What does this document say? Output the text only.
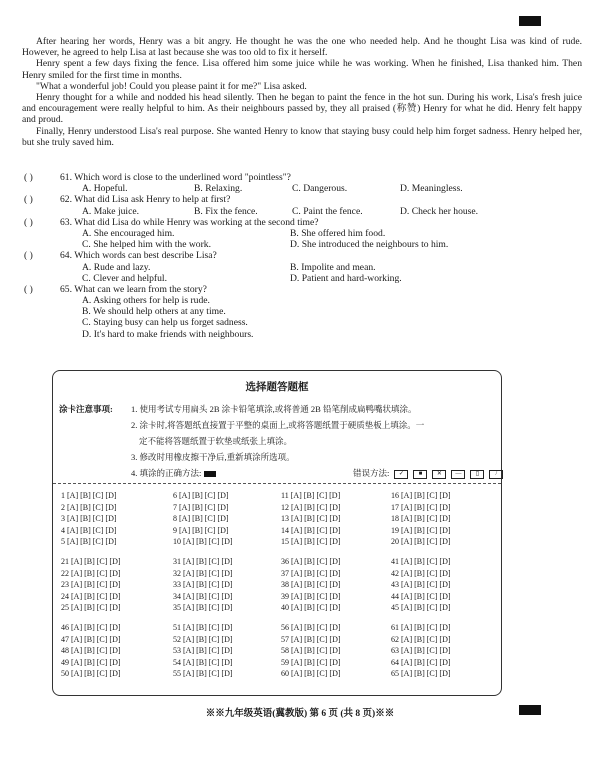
After hearing her words, Henry was a bit angry. He thought he was the one who needed help. And he thought Lisa was kind of rude. However, he agreed to help Lisa at last because she was too old to fix it herself.

Henry spent a few days fixing the fence. Lisa offered him some juice while he was working. When he finished, Lisa thanked him. Then Henry smiled for the first time in months.

"What a wonderful job! Could you please paint it for me?" Lisa asked.

Henry thought for a while and nodded his head silently. Then he began to paint the fence in the hot sun. During his work, Lisa's fresh juice and encouragement were really helpful to him. As their neighbours passed by, they all praised (称赞) Henry for what he did. Henry felt happy and proud.

Finally, Henry understood Lisa's real purpose. She wanted Henry to know that staying busy could help him forget sadness. Henry helped her, but she truly saved him.

( )	61. Which word is close to the underlined word "pointless"?
A. Hopeful.	B. Relaxing.	C. Dangerous.	D. Meaningless.
( )	62. What did Lisa ask Henry to help at first?
A. Make juice.	B. Fix the fence.	C. Paint the fence.	D. Check her house.
( )	63. What did Lisa do while Henry was working at the second time?
A. She encouraged him.	B. She offered him food.
C. She helped him with the work.	D. She introduced the neighbours to him.
( )	64. Which words can best describe Lisa?
A. Rude and lazy.	B. Impolite and mean.
C. Clever and helpful.	D. Patient and hard-working.
( )	65. What can we learn from the story?
A. Asking others for help is rude.
B. We should help others at any time.
C. Staying busy can help us forget sadness.
D. It's hard to make friends with neighbours.
选择题答题框
涂卡注意事项: 1. 使用考试专用扁头 2B 涂卡铅笔填涂,或将普通 2B 铅笔削成扁鸭嘴状填涂。
2. 涂卡时,将答题纸直接置于平整的桌面上,或将答题纸置于硬质垫板上填涂。一
定不能将答题纸置于软垫或纸张上填涂。
3. 修改时用橡皮擦干净后,重新填涂所选项。
4. 填涂的正确方法:	错误方法: ✓ ■ ✕ — ▯	/
1 [A] [B] [C] [D]	6 [A] [B] [C] [D]	11 [A] [B] [C] [D]	16 [A] [B] [C] [D]
2 [A] [B] [C] [D]	7 [A] [B] [C] [D]	12 [A] [B] [C] [D]	17 [A] [B] [C] [D]
3 [A] [B] [C] [D]	8 [A] [B] [C] [D]	13 [A] [B] [C] [D]	18 [A] [B] [C] [D]
4 [A] [B] [C] [D]	9 [A] [B] [C] [D]	14 [A] [B] [C] [D]	19 [A] [B] [C] [D]
5 [A] [B] [C] [D]	10 [A] [B] [C] [D]	15 [A] [B] [C] [D]	20 [A] [B] [C] [D]
21 [A] [B] [C] [D]	31 [A] [B] [C] [D]	36 [A] [B] [C] [D]	41 [A] [B] [C] [D]
22 [A] [B] [C] [D]	32 [A] [B] [C] [D]	37 [A] [B] [C] [D]	42 [A] [B] [C] [D]
23 [A] [B] [C] [D]	33 [A] [B] [C] [D]	38 [A] [B] [C] [D]	43 [A] [B] [C] [D]
24 [A] [B] [C] [D]	34 [A] [B] [C] [D]	39 [A] [B] [C] [D]	44 [A] [B] [C] [D]
25 [A] [B] [C] [D]	35 [A] [B] [C] [D]	40 [A] [B] [C] [D]	45 [A] [B] [C] [D]
46 [A] [B] [C] [D]	51 [A] [B] [C] [D]	56 [A] [B] [C] [D]	61 [A] [B] [C] [D]
47 [A] [B] [C] [D]	52 [A] [B] [C] [D]	57 [A] [B] [C] [D]	62 [A] [B] [C] [D]
48 [A] [B] [C] [D]	53 [A] [B] [C] [D]	58 [A] [B] [C] [D]	63 [A] [B] [C] [D]
49 [A] [B] [C] [D]	54 [A] [B] [C] [D]	59 [A] [B] [C] [D]	64 [A] [B] [C] [D]
50 [A] [B] [C] [D]	55 [A] [B] [C] [D]	60 [A] [B] [C] [D]	65 [A] [B] [C] [D]
※※九年级英语(冀教版) 第 6 页 (共 8 页)※※
